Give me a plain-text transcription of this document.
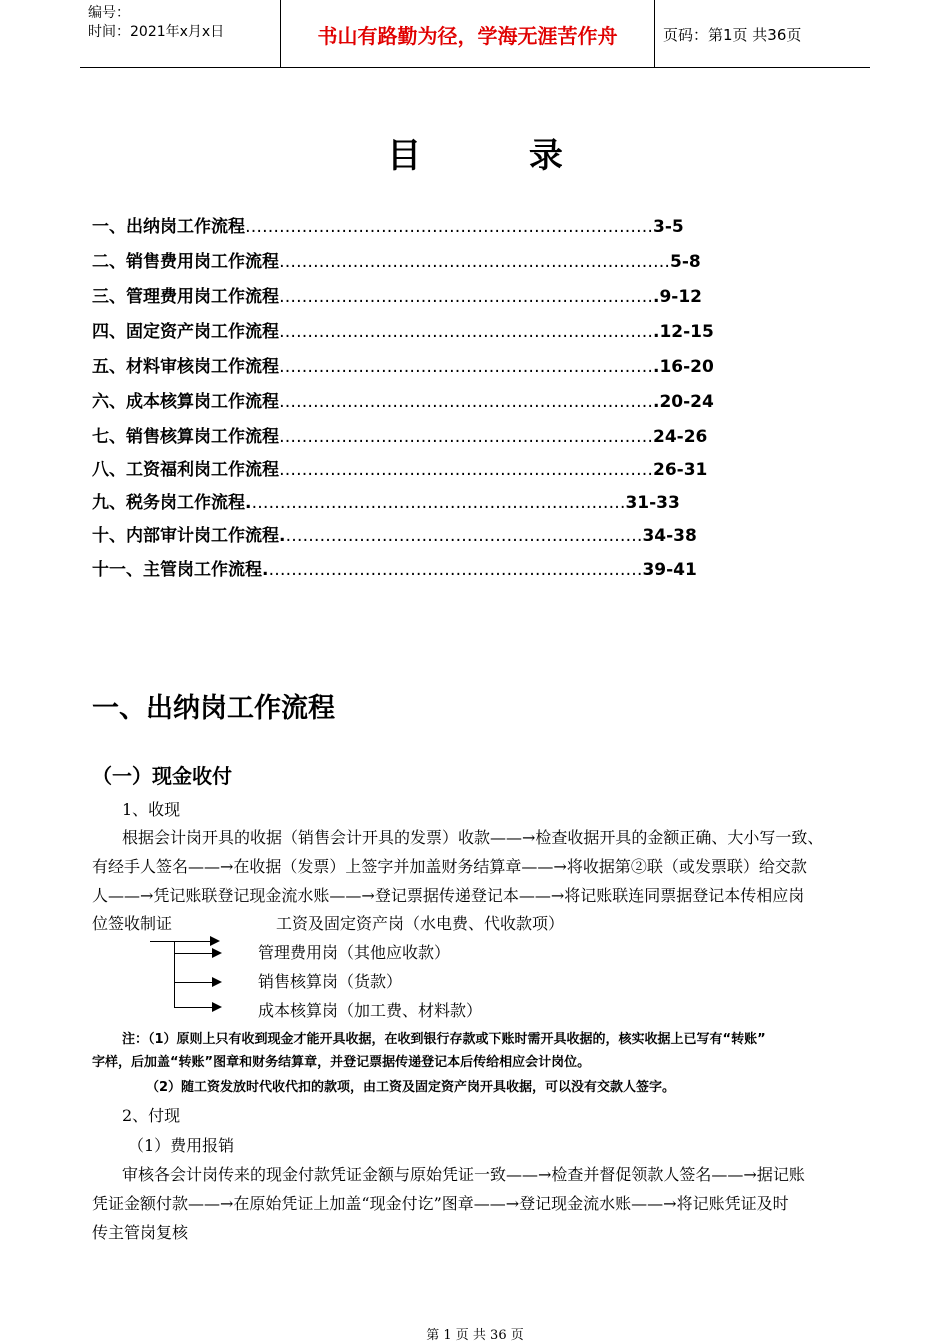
编号：
时间：2021年x月x日	书山有路勤为径，学海无涯苦作舟	页码：第1页 共36页
目 录
一、出纳岗工作流程………………………………………………………………3-5
二、销售费用岗工作流程……………………………………………………………5-8
三、管理费用岗工作流程………………………………………………………….9-12
四、固定资产岗工作流程………………………………………………………….12-15
五、材料审核岗工作流程………………………………………………………….16-20
六、成本核算岗工作流程………………………………………………………….20-24
七、销售核算岗工作流程…………………………………………………………24-26
八、工资福利岗工作流程…………………………………………………………26-31
九、税务岗工作流程.…………………………………………………………31-33
十、内部审计岗工作流程.………………………………………………………34-38
十一、主管岗工作流程.…………………………………………………………39-41
一、出纳岗工作流程
（一）现金收付
1、收现
根据会计岗开具的收据（销售会计开具的发票）收款——→检查收据开具的金额正确、大小写一致、
有经手人签名——→在收据（发票）上签字并加盖财务结算章——→将收据第②联（或发票联）给交款
人——→凭记账联登记现金流水账——→登记票据传递登记本——→将记账联连同票据登记本传相应岗
位签收制证	工资及固定资产岗（水电费、代收款项）
管理费用岗（其他应收款）
销售核算岗（货款）
成本核算岗（加工费、材料款）
注：（1）原则上只有收到现金才能开具收据，在收到银行存款或下账时需开具收据的，核实收据上已写有“转账”
字样，后加盖“转账”图章和财务结算章，并登记票据传递登记本后传给相应会计岗位。
（2）随工资发放时代收代扣的款项，由工资及固定资产岗开具收据，可以没有交款人签字。
2、付现
（1）费用报销
审核各会计岗传来的现金付款凭证金额与原始凭证一致——→检查并督促领款人签名——→据记账
凭证金额付款——→在原始凭证上加盖“现金付讫”图章——→登记现金流水账——→将记账凭证及时
传主管岗复核
第 1 页 共 36 页
